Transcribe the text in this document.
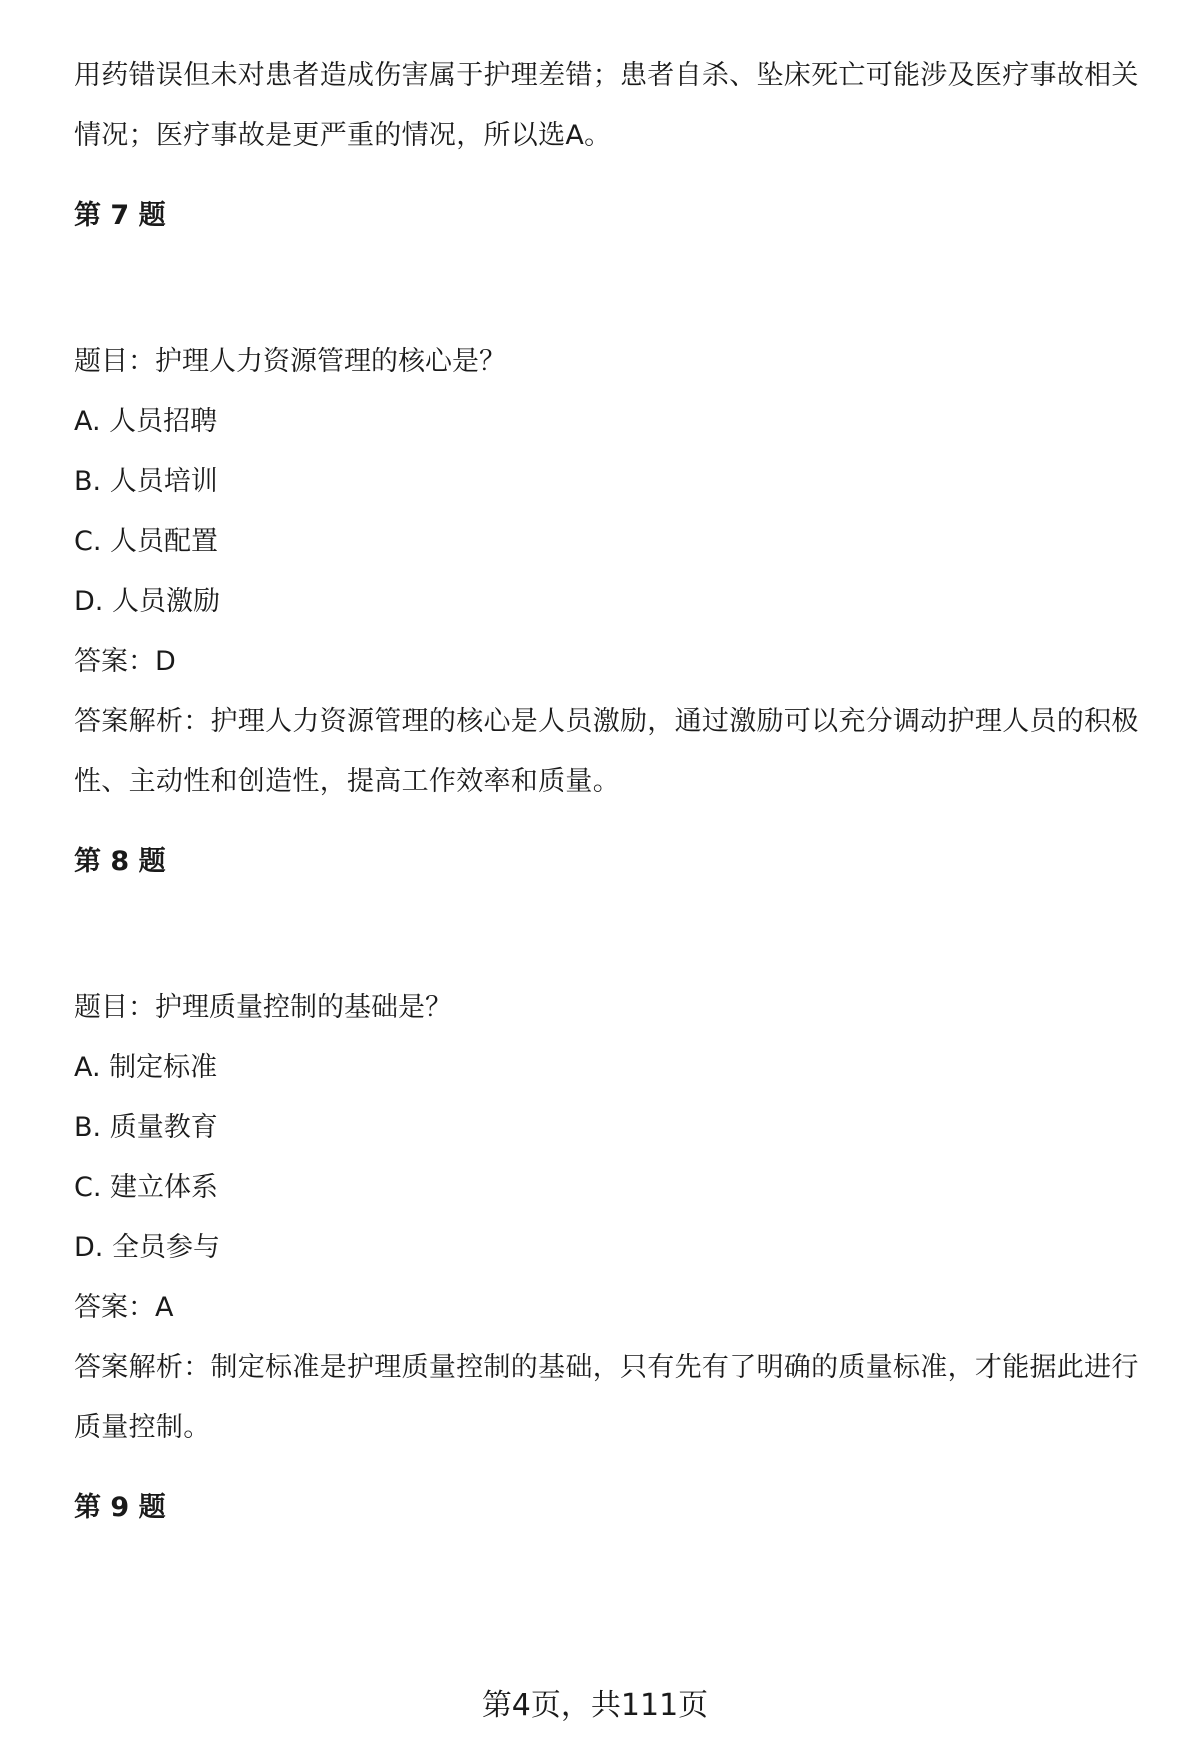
用药错误但未对患者造成伤害属于护理差错；患者自杀、坠床死亡可能涉及医疗事故相关情况；医疗事故是更严重的情况，所以选A。

第 7 题

题目：护理人力资源管理的核心是？

A. 人员招聘

B. 人员培训

C. 人员配置

D. 人员激励

答案：D

答案解析：护理人力资源管理的核心是人员激励，通过激励可以充分调动护理人员的积极性、主动性和创造性，提高工作效率和质量。

第 8 题

题目：护理质量控制的基础是？

A. 制定标准

B. 质量教育

C. 建立体系

D. 全员参与

答案：A

答案解析：制定标准是护理质量控制的基础，只有先有了明确的质量标准，才能据此进行质量控制。

第 9 题

第4页，共111页
